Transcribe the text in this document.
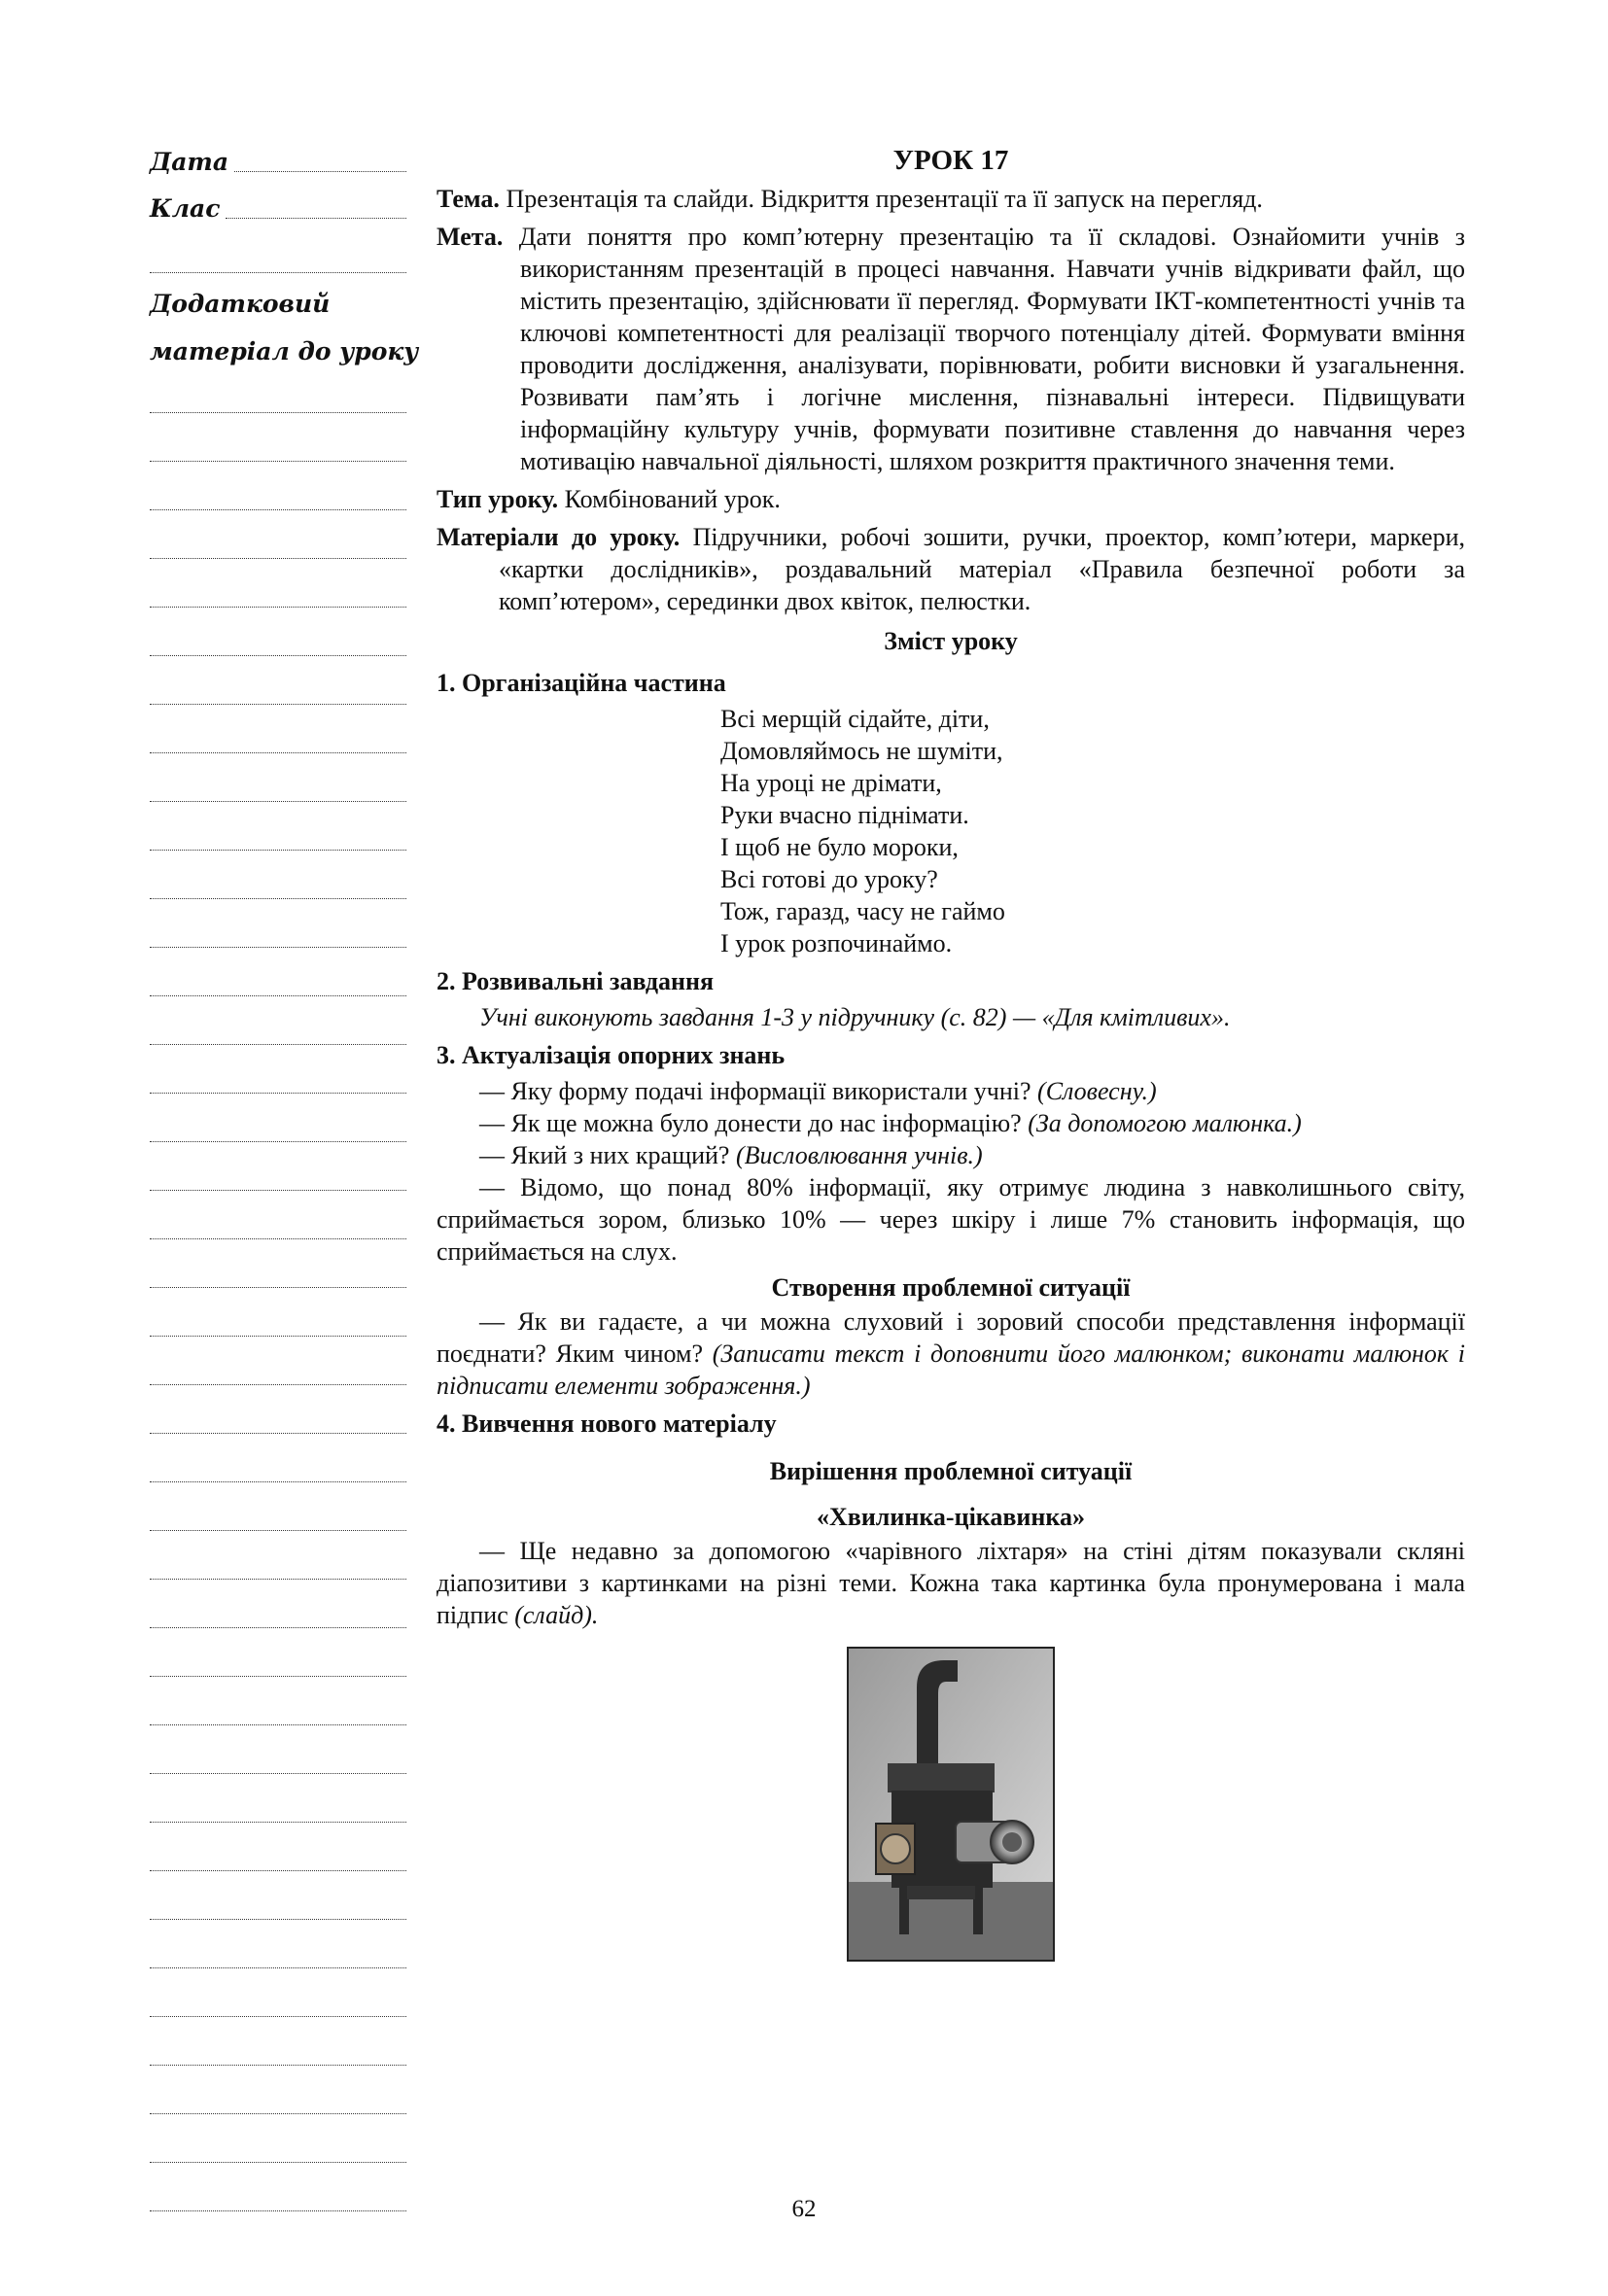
Дата
Клас
Додатковий
матеріал до уроку
УРОК 17

Тема. Презентація та слайди. Відкриття презентації та її запуск на перегляд.

Мета. Дати поняття про комп’ютерну презентацію та її складові. Ознайомити учнів з використанням презентацій в процесі навчання. Навчати учнів відкривати файл, що містить презентацію, здійснювати її перегляд. Формувати ІКТ-компетентності учнів та ключові компетентності для реалізації творчого потенціалу дітей. Формувати вміння проводити дослідження, аналізувати, порівнювати, робити висновки й узагальнення. Розвивати пам’ять і логічне мислення, пізнавальні інтереси. Підвищувати інформаційну культуру учнів, формувати позитивне ставлення до навчання через мотивацію навчальної діяльності, шляхом розкриття практичного значення теми.

Тип уроку. Комбінований урок.

Матеріали до уроку. Підручники, робочі зошити, ручки, проектор, комп’ютери, маркери, «картки дослідників», роздавальний матеріал «Правила безпечної роботи за комп’ютером», серединки двох квіток, пелюстки.

Зміст уроку
1. Організаційна частина
Всі мерщій сідайте, діти,
Домовляймось не шуміти,
На уроці не дрімати,
Руки вчасно піднімати.
І щоб не було мороки,
Всі готові до уроку?
Тож, гаразд, часу не гаймо
І урок розпочинаймо.
2. Розвивальні завдання

Учні виконують завдання 1-3 у підручнику (с. 82) — «Для кмітливих».

3. Актуалізація опорних знань

— Яку форму подачі інформації використали учні? (Словесну.)

— Як ще можна було донести до нас інформацію? (За допомогою малюнка.)

— Який з них кращий? (Висловлювання учнів.)

— Відомо, що понад 80% інформації, яку отримує людина з навколишнього світу, сприймається зором, близько 10% — через шкіру і лише 7% становить інформація, що сприймається на слух.

Створення проблемної ситуації

— Як ви гадаєте, а чи можна слуховий і зоровий способи представлення інформації поєднати? Яким чином? (Записати текст і доповнити його малюнком; виконати малюнок і підписати елементи зображення.)

4. Вивчення нового матеріалу
Вирішення проблемної ситуації
«Хвилинка-цікавинка»

— Ще недавно за допомогою «чарівного ліхтаря» на стіні дітям показували скляні діапозитиви з картинками на різні теми. Кожна така картинка була пронумерована і мала підпис (слайд).

62
